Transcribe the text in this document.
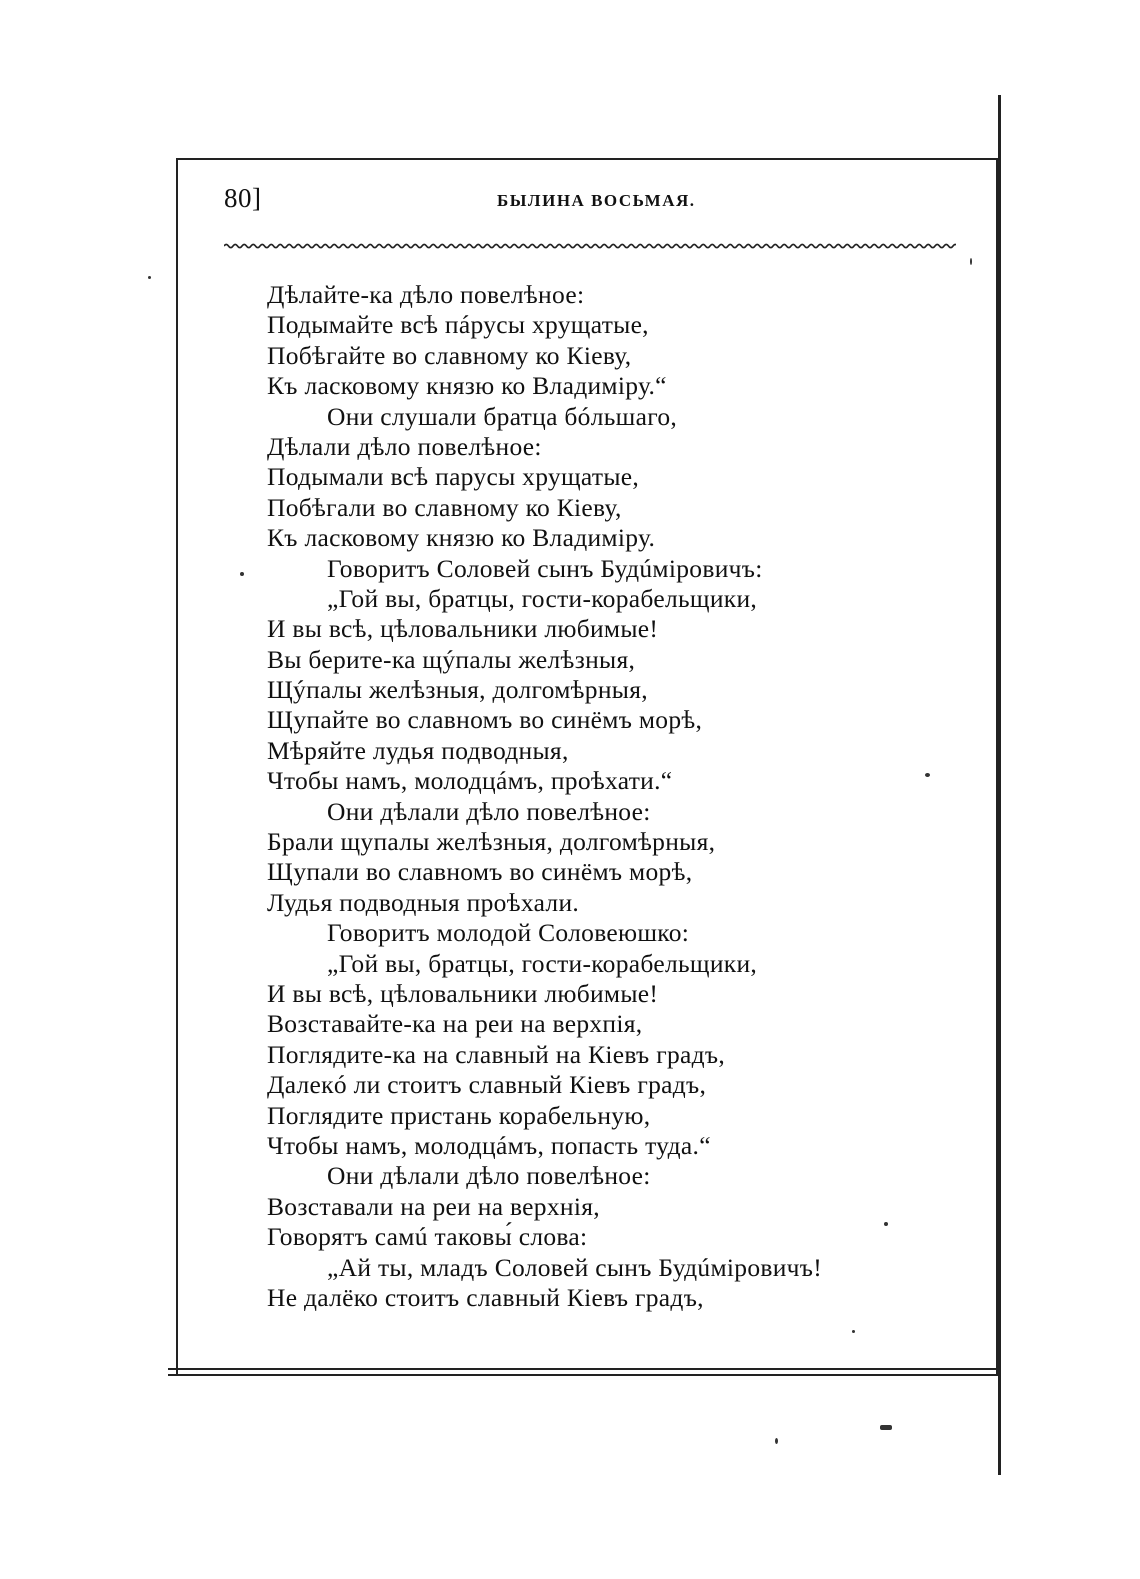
80]	БЫЛИНА ВОСЬМАЯ.
Дѣлайте-ка дѣло повелѣное:
Подымайте всѣ пáрусы хрущатые,
Побѣгайте во славному ко Кіеву,
Къ ласковому князю ко Владиміру.“
Они слушали братца бóльшаго,
Дѣлали дѣло повелѣное:
Подымали всѣ парусы хрущатые,
Побѣгали во славному ко Кіеву,
Къ ласковому князю ко Владиміру.
Говоритъ Соловей сынъ Будúміровичъ:
„Гой вы, братцы, гости-корабельщики,
И вы всѣ, цѣловальники любимые!
Вы берите-ка щýпалы желѣзныя,
Щýпалы желѣзныя, долгомѣрныя,
Щупайте во славномъ во синёмъ морѣ,
Мѣряйте лудья подводныя,
Чтобы намъ, молодцáмъ, проѣхати.“
Они дѣлали дѣло повелѣное:
Брали щупалы желѣзныя, долгомѣрныя,
Щупали во славномъ во синёмъ морѣ,
Лудья подводныя проѣхали.
Говоритъ молодой Соловеюшко:
„Гой вы, братцы, гости-корабельщики,
И вы всѣ, цѣловальники любимые!
Возставайте-ка на реи на верхпія,
Поглядите-ка на славный на Кіевъ градъ,
Далекó ли стоитъ славный Кіевъ градъ,
Поглядите пристань корабельную,
Чтобы намъ, молодцáмъ, попасть туда.“
Они дѣлали дѣло повелѣное:
Возставали на реи на верхнія,
Говорятъ самú таковы́ слова:
„Ай ты, младъ Соловей сынъ Будúміровичъ!
Не далёко стоитъ славный Кіевъ градъ,
